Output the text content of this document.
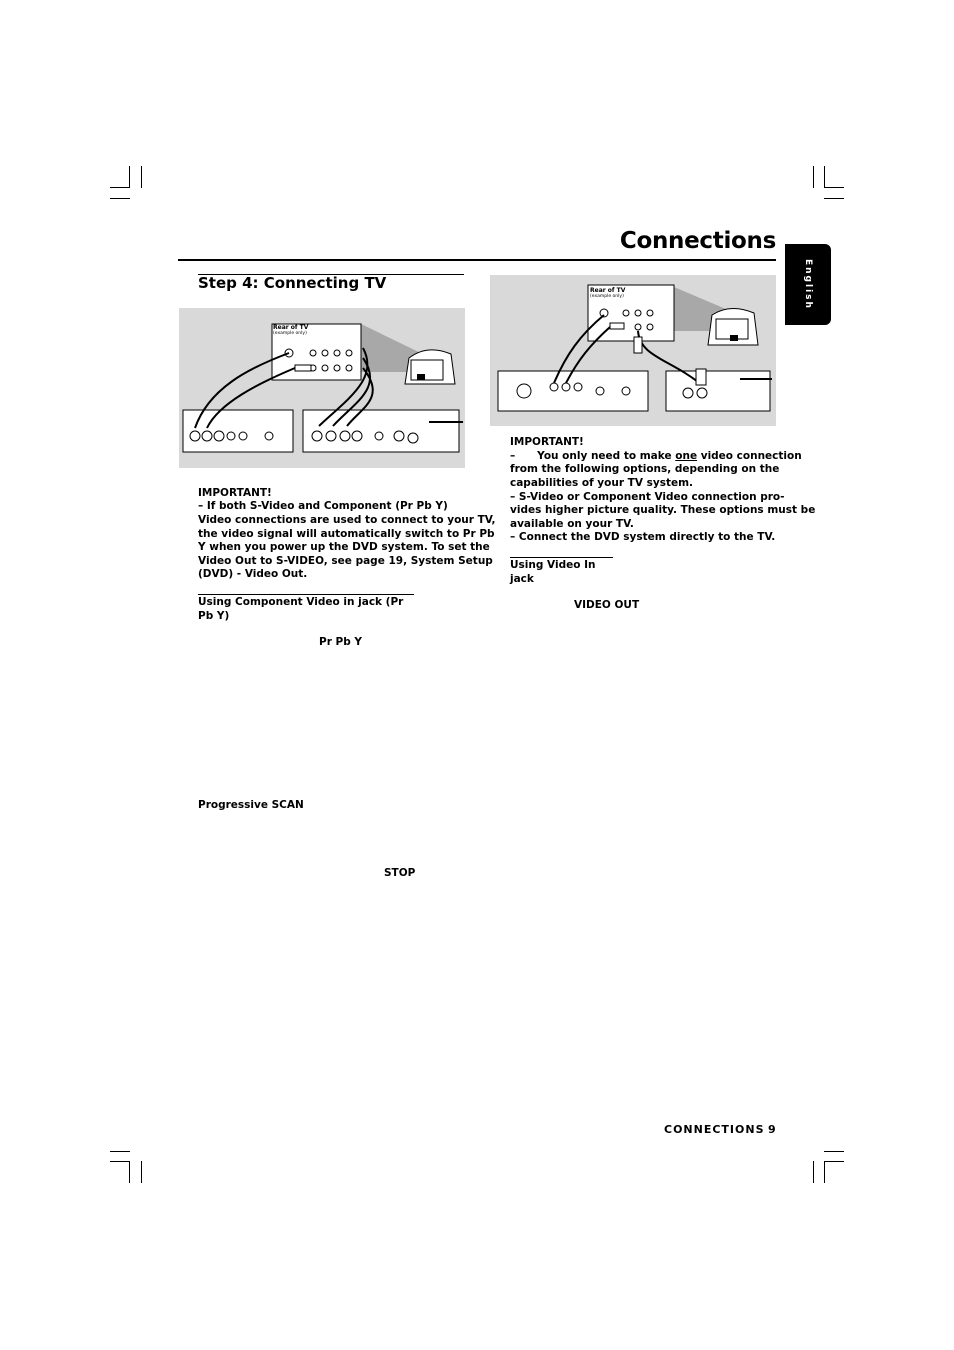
Connections
English
Step 4: Connecting TV
Rear of TV
(example only)
IMPORTANT!
– If both S-Video and Component (Pr Pb Y)
Video connections are used to connect to your TV,
the video signal will automatically switch to Pr Pb
Y when you power up the DVD system. To set the
Video Out to S-VIDEO, see page 19, System Setup
(DVD) - Video Out.
Using Component Video in jack (Pr Pb Y)
Pr Pb Y
Progressive SCAN
STOP
Rear of TV
(example only)
IMPORTANT!
–      You only need to make one video connection
from the following options, depending on the
capabilities of your TV system.
– S-Video or Component Video connection pro-
vides higher picture quality. These options must be
available on your TV.
– Connect the DVD system directly to the TV.
Using Video In jack
VIDEO OUT
CONNECTIONS 9
